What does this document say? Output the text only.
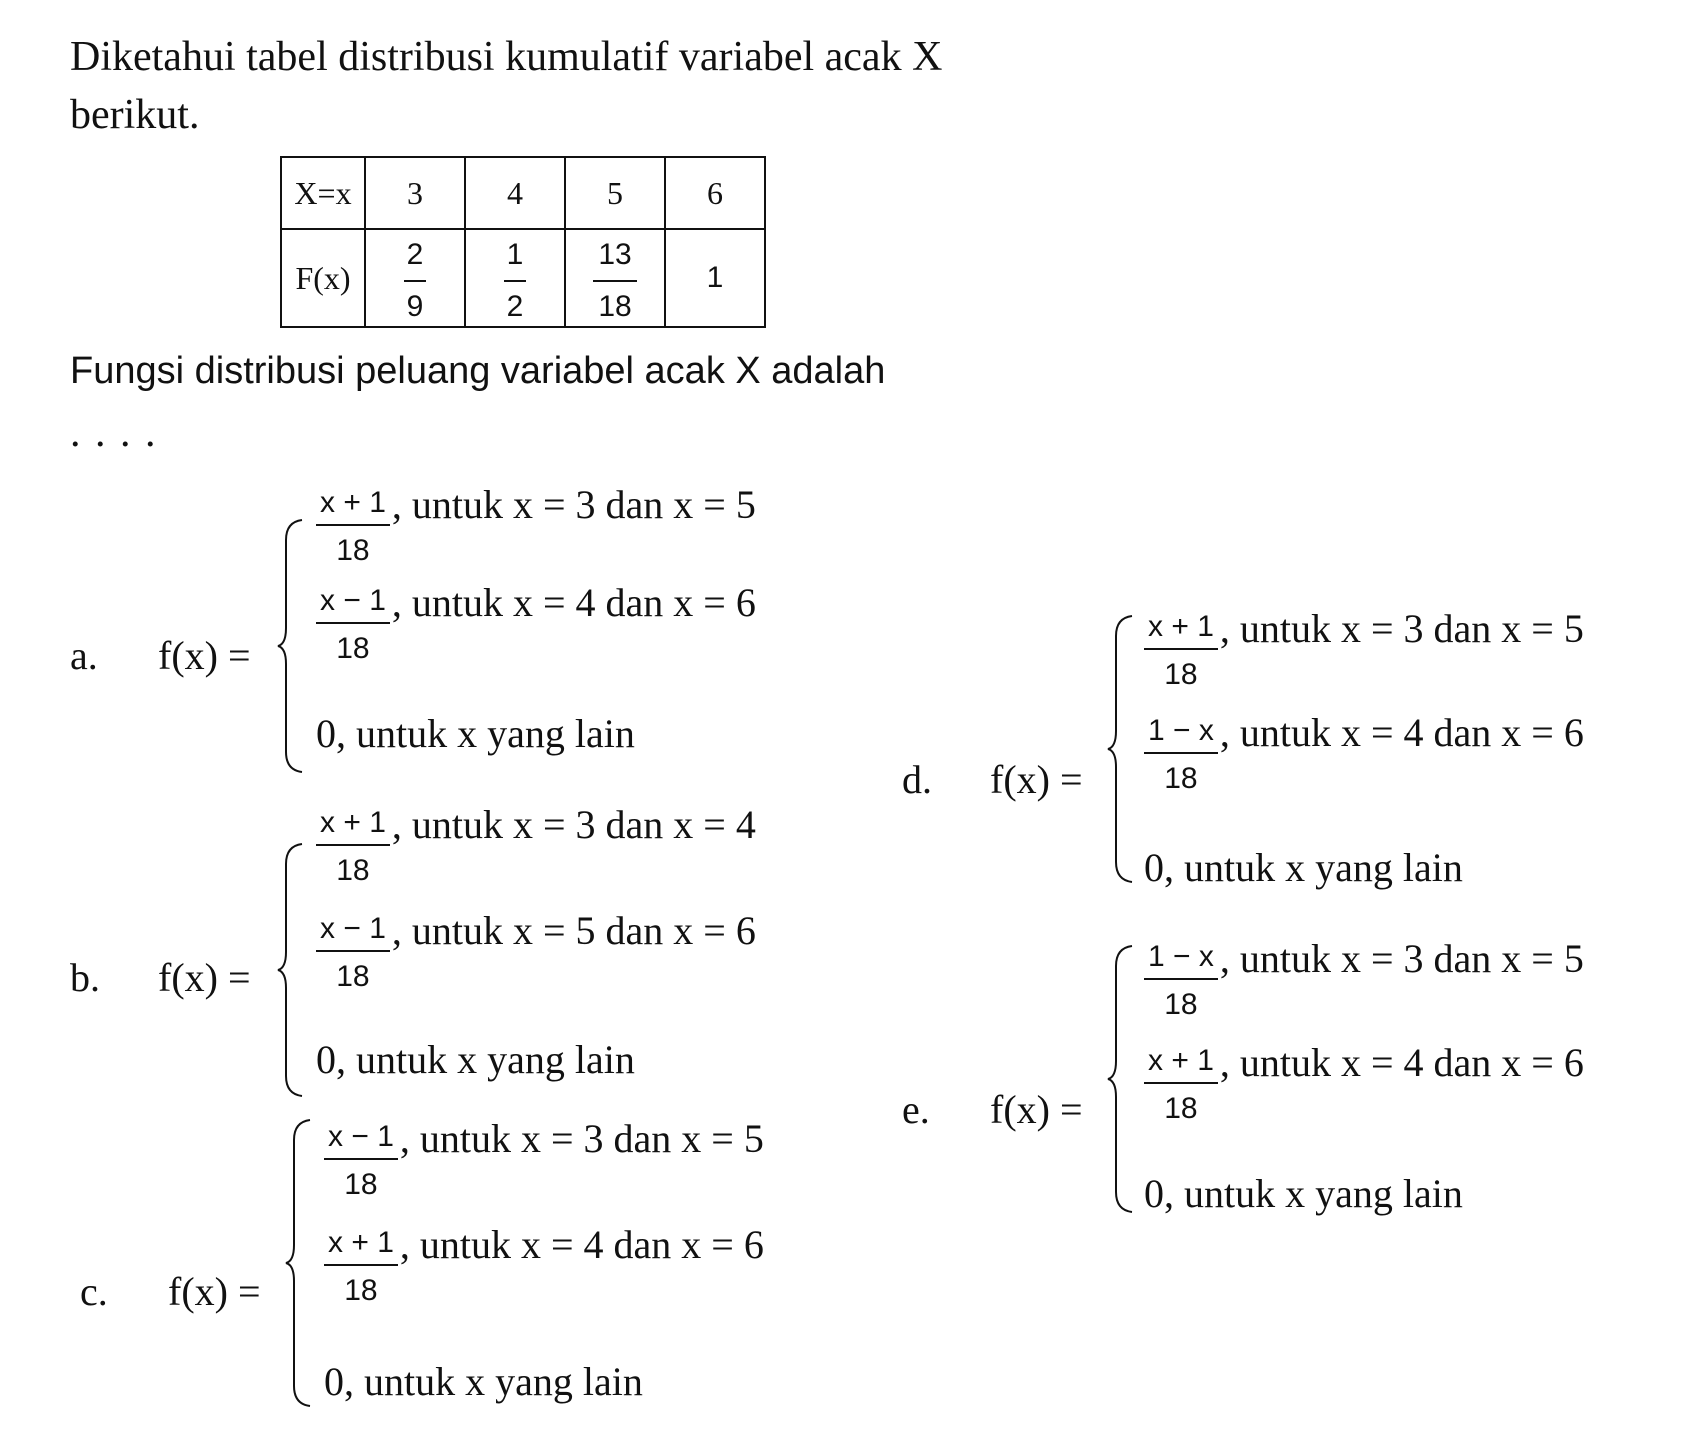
Diketahui tabel distribusi kumulatif variabel acak X
berikut.
X=x	3	4	5	6
F(x)	$\frac{2}{9}$	$\frac{1}{2}$	$\frac{13}{18}$	1
Fungsi distribusi peluang variabel acak X adalah
. . . .
a. f(x) =
$\frac{x + 1}{18}$ , untuk x = 3 dan x = 5
$\frac{x - 1}{18}$ , untuk x = 4 dan x = 6
0, untuk x yang lain
b. f(x) =
$\frac{x + 1}{18}$ , untuk x = 3 dan x = 4
$\frac{x - 1}{18}$ , untuk x = 5 dan x = 6
0, untuk x yang lain
c. f(x) =
$\frac{x - 1}{18}$ , untuk x = 3 dan x = 5
$\frac{x + 1}{18}$ , untuk x = 4 dan x = 6
0, untuk x yang lain
d. f(x) =
$\frac{x + 1}{18}$ , untuk x = 3 dan x = 5
$\frac{1 - x}{18}$ , untuk x = 4 dan x = 6
0, untuk x yang lain
e. f(x) =
$\frac{1 - x}{18}$ , untuk x = 3 dan x = 5
$\frac{x + 1}{18}$ , untuk x = 4 dan x = 6
0, untuk x yang lain
